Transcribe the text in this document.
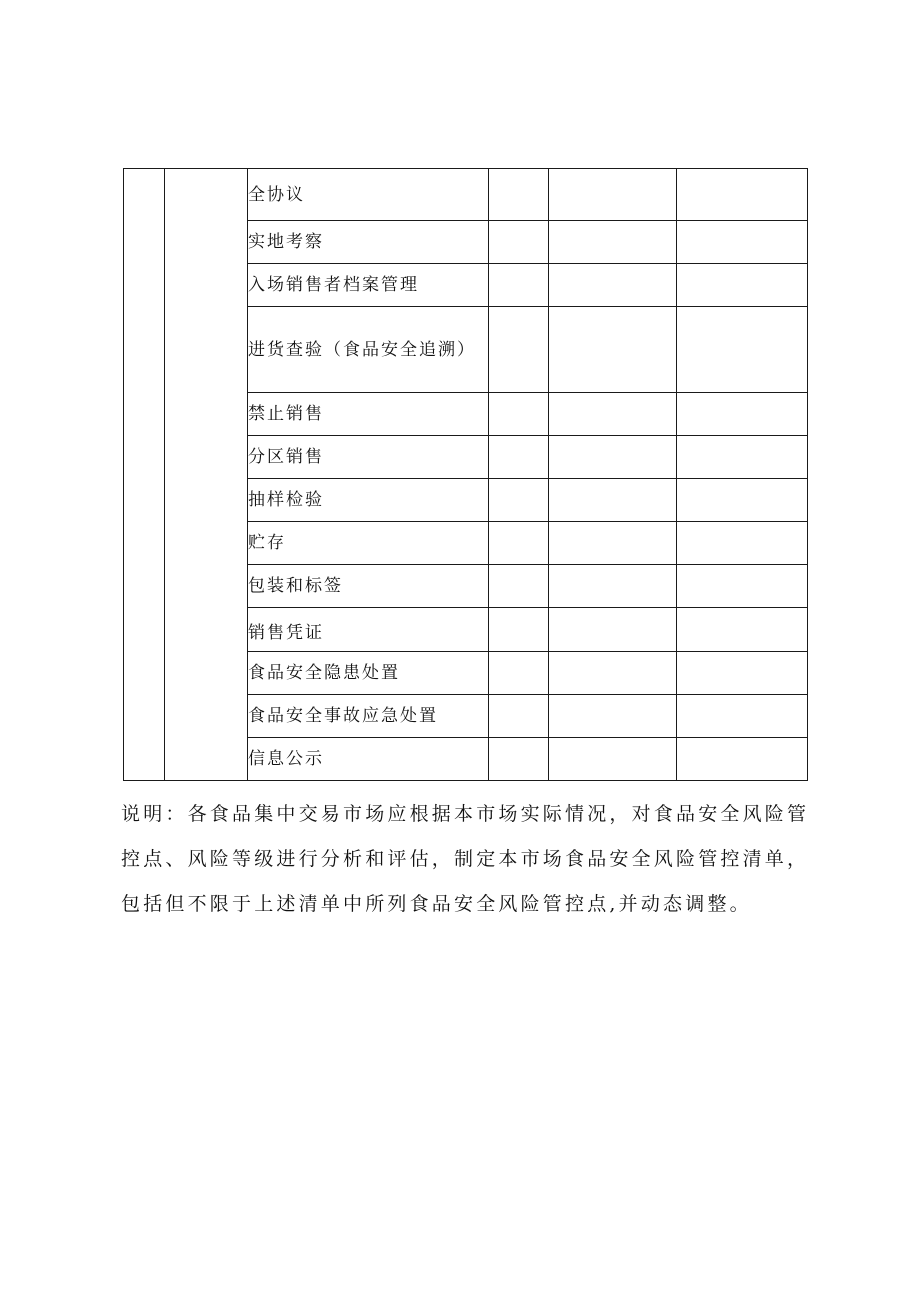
		全协议			
		实地考察			
		入场销售者档案管理			
		进货查验（食品安全追溯）			
		禁止销售			
		分区销售			
		抽样检验			
		贮存			
		包装和标签			
		销售凭证			
		食品安全隐患处置			
		食品安全事故应急处置			
		信息公示			

说明：各食品集中交易市场应根据本市场实际情况，对食品安全风险管控点、风险等级进行分析和评估，制定本市场食品安全风险管控清单，包括但不限于上述清单中所列食品安全风险管控点,并动态调整。
